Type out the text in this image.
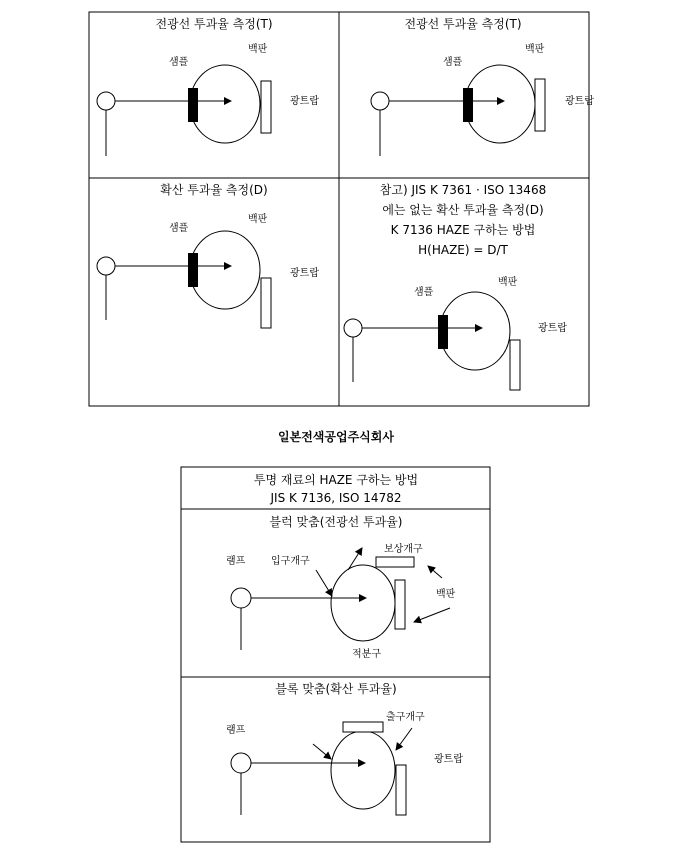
전광선 투과율 측정(T)
샘플
백판
광트랍
전광선 투과율 측정(T)
샘플
백판
광트랍
확산 투과율 측정(D)
샘플
백판
광트랍
참고) JIS K 7361 · ISO 13468
에는 없는 확산 투과율 측정(D)
K 7136 HAZE 구하는 방법
H(HAZE) = D/T
샘플
백판
광트랍
일본전색공업주식회사
투명 재료의 HAZE 구하는 방법
JIS K 7136, ISO 14782
블럭 맞춤(전광선 투과율)
램프	입구개구
보상개구
백판
적분구
블록 맞춤(확산 투과율)
램프
출구개구
광트랍
